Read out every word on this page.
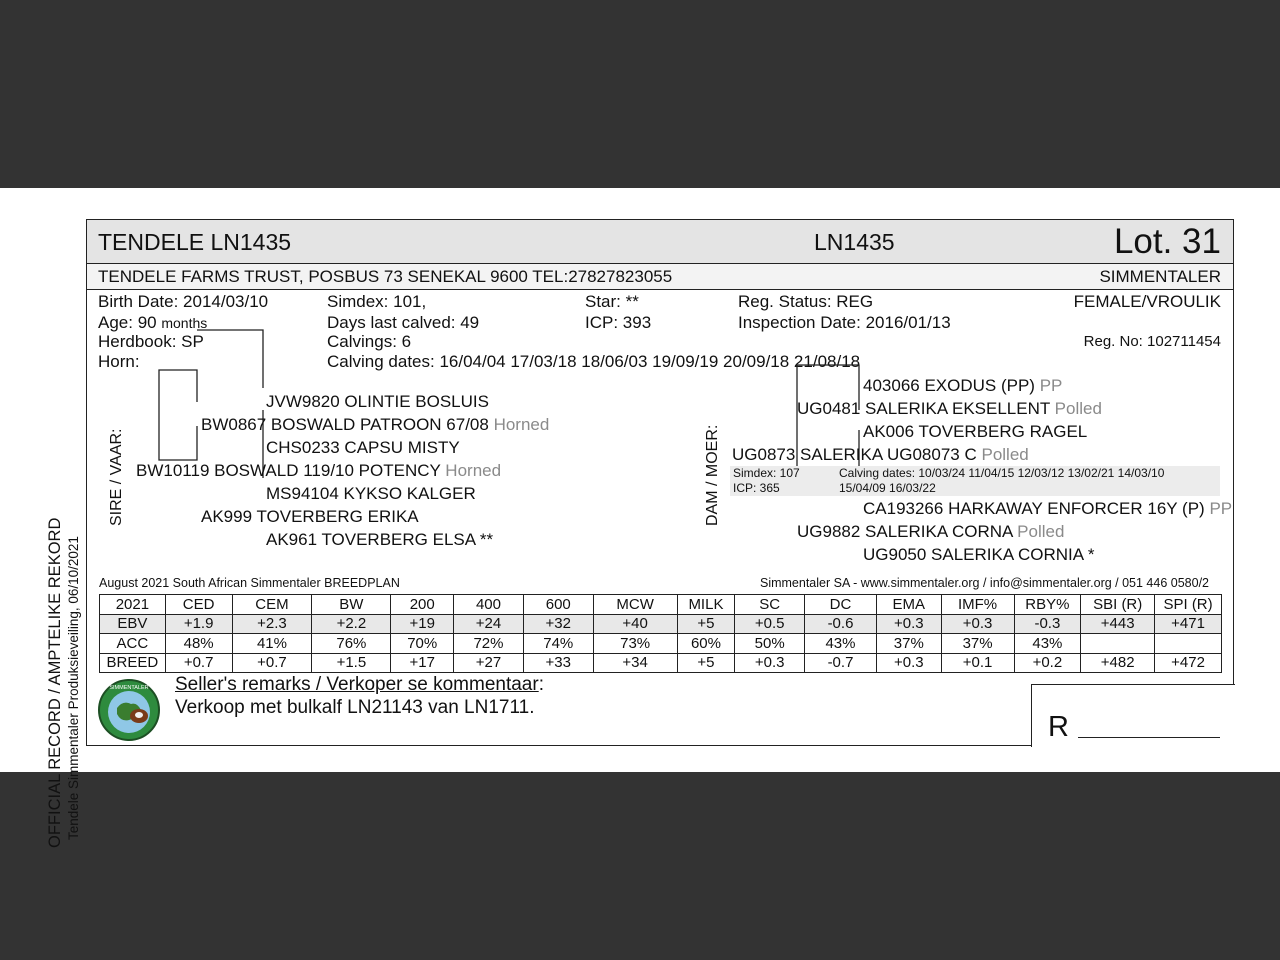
OFFICIAL RECORD / AMPTELIKE REKORD Tendele Simmentaler Produksieveiling, 06/10/2021
TENDELE LN1435	LN1435	Lot. 31
TENDELE FARMS TRUST, POSBUS 73 SENEKAL 9600 TEL:27827823055	SIMMENTALER
Birth Date: 2014/03/10
Age: 90 months
Herdbook: SP
Horn:
Simdex: 101,
Days last calved: 49
Calvings: 6
Calving dates: 16/04/04 17/03/18 18/06/03 19/09/19 20/09/18 21/08/18
Star: **
ICP: 393
Reg. Status: REG
Inspection Date: 2016/01/13
FEMALE/VROULIK
Reg. No: 102711454
SIRE / VAAR:
JVW9820 OLINTIE BOSLUIS
BW0867 BOSWALD PATROON 67/08 Horned
CHS0233 CAPSU MISTY
BW10119 BOSWALD 119/10 POTENCY Horned
MS94104 KYKSO KALGER
AK999 TOVERBERG ERIKA
AK961 TOVERBERG ELSA **
DAM / MOER:
403066 EXODUS (PP) PP
UG0481 SALERIKA EKSELLENT Polled
AK006 TOVERBERG RAGEL
UG0873 SALERIKA UG08073 C Polled
Simdex: 107
ICP: 365
Calving dates: 10/03/24 11/04/15 12/03/12 13/02/21 14/03/10
15/04/09 16/03/22
CA193266 HARKAWAY ENFORCER 16Y (P) PP
UG9882 SALERIKA CORNA Polled
UG9050 SALERIKA CORNIA *
August 2021 South African Simmentaler BREEDPLAN	Simmentaler SA - www.simmentaler.org / info@simmentaler.org / 051 446 0580/2
2021	CED	CEM	BW	200	400	600	MCW	MILK	SC	DC	EMA	IMF%	RBY%	SBI (R)	SPI (R)
EBV	+1.9	+2.3	+2.2	+19	+24	+32	+40	+5	+0.5	-0.6	+0.3	+0.3	-0.3	+443	+471
ACC	48%	41%	76%	70%	72%	74%	73%	60%	50%	43%	37%	37%	43%		
BREED	+0.7	+0.7	+1.5	+17	+27	+33	+34	+5	+0.3	-0.7	+0.3	+0.1	+0.2	+482	+472
SIMMENTALER Seller's remarks / Verkoper se kommentaar:
Verkoop met bulkalf LN21143 van LN1711.
R
